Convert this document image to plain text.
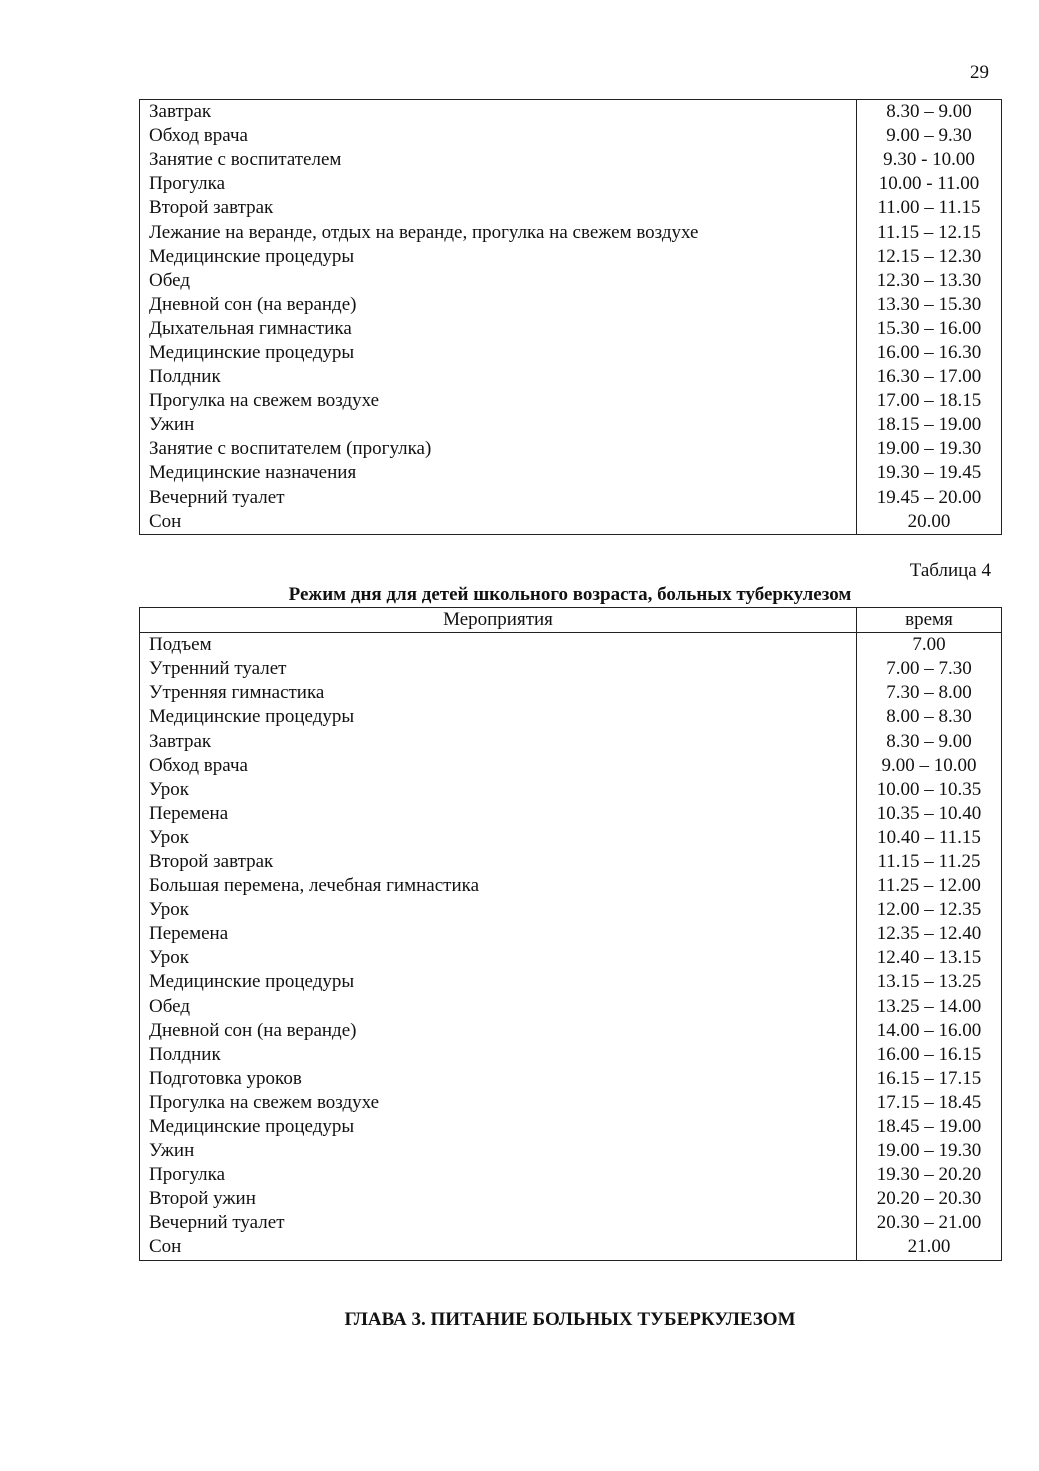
29
Завтрак	8.30 – 9.00
Обход врача	9.00 – 9.30
Занятие с воспитателем	9.30 - 10.00
Прогулка	10.00 - 11.00
Второй завтрак	11.00 – 11.15
Лежание на веранде, отдых на веранде, прогулка на свежем воздухе	11.15 – 12.15
Медицинские процедуры	12.15 – 12.30
Обед	12.30 – 13.30
Дневной сон (на веранде)	13.30 – 15.30
Дыхательная гимнастика	15.30 – 16.00
Медицинские процедуры	16.00 – 16.30
Полдник	16.30 – 17.00
Прогулка на свежем воздухе	17.00 – 18.15
Ужин	18.15 – 19.00
Занятие с воспитателем (прогулка)	19.00 – 19.30
Медицинские назначения	19.30 – 19.45
Вечерний туалет	19.45 – 20.00
Сон	20.00
Таблица 4
Режим дня для детей школьного возраста, больных туберкулезом
Мероприятия	время
Подъем	7.00
Утренний туалет	7.00 – 7.30
Утренняя гимнастика	7.30 – 8.00
Медицинские процедуры	8.00 – 8.30
Завтрак	8.30 – 9.00
Обход врача	9.00 – 10.00
Урок	10.00 – 10.35
Перемена	10.35 – 10.40
Урок	10.40 – 11.15
Второй завтрак	11.15 – 11.25
Большая перемена, лечебная гимнастика	11.25 – 12.00
Урок	12.00 – 12.35
Перемена	12.35 – 12.40
Урок	12.40 – 13.15
Медицинские процедуры	13.15 – 13.25
Обед	13.25 – 14.00
Дневной сон (на веранде)	14.00 – 16.00
Полдник	16.00 – 16.15
Подготовка уроков	16.15 – 17.15
Прогулка на свежем воздухе	17.15 – 18.45
Медицинские процедуры	18.45 – 19.00
Ужин	19.00 – 19.30
Прогулка	19.30 – 20.20
Второй ужин	20.20 – 20.30
Вечерний туалет	20.30 – 21.00
Сон	21.00
ГЛАВА 3. ПИТАНИЕ БОЛЬНЫХ ТУБЕРКУЛЕЗОМ
